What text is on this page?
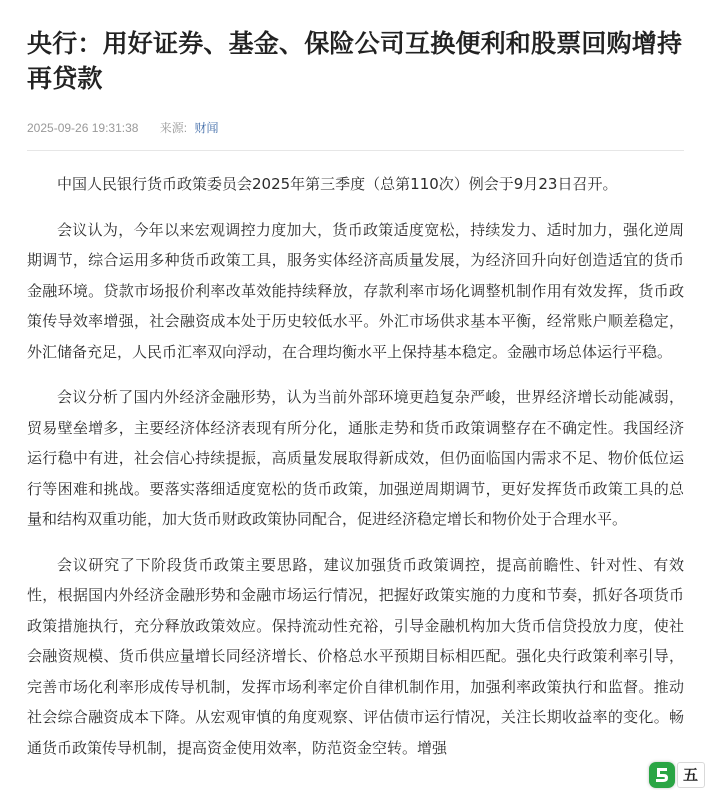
央行：用好证券、基金、保险公司互换便利和股票回购增持再贷款
2025-09-26 19:31:38 来源: 财闻

中国人民银行货币政策委员会2025年第三季度（总第110次）例会于9月23日召开。

会议认为，今年以来宏观调控力度加大，货币政策适度宽松，持续发力、适时加力，强化逆周期调节，综合运用多种货币政策工具，服务实体经济高质量发展，为经济回升向好创造适宜的货币金融环境。贷款市场报价利率改革效能持续释放，存款利率市场化调整机制作用有效发挥，货币政策传导效率增强，社会融资成本处于历史较低水平。外汇市场供求基本平衡，经常账户顺差稳定，外汇储备充足，人民币汇率双向浮动，在合理均衡水平上保持基本稳定。金融市场总体运行平稳。

会议分析了国内外经济金融形势，认为当前外部环境更趋复杂严峻，世界经济增长动能减弱，贸易壁垒增多，主要经济体经济表现有所分化，通胀走势和货币政策调整存在不确定性。我国经济运行稳中有进，社会信心持续提振，高质量发展取得新成效，但仍面临国内需求不足、物价低位运行等困难和挑战。要落实落细适度宽松的货币政策，加强逆周期调节，更好发挥货币政策工具的总量和结构双重功能，加大货币财政政策协同配合，促进经济稳定增长和物价处于合理水平。

会议研究了下阶段货币政策主要思路，建议加强货币政策调控，提高前瞻性、针对性、有效性，根据国内外经济金融形势和金融市场运行情况，把握好政策实施的力度和节奏，抓好各项货币政策措施执行，充分释放政策效应。保持流动性充裕，引导金融机构加大货币信贷投放力度，使社会融资规模、货币供应量增长同经济增长、价格总水平预期目标相匹配。强化央行政策利率引导，完善市场化利率形成传导机制，发挥市场利率定价自律机制作用，加强利率政策执行和监督。推动社会综合融资成本下降。从宏观审慎的角度观察、评估债市运行情况，关注长期收益率的变化。畅通货币政策传导机制，提高资金使用效率，防范资金空转。增强

五
